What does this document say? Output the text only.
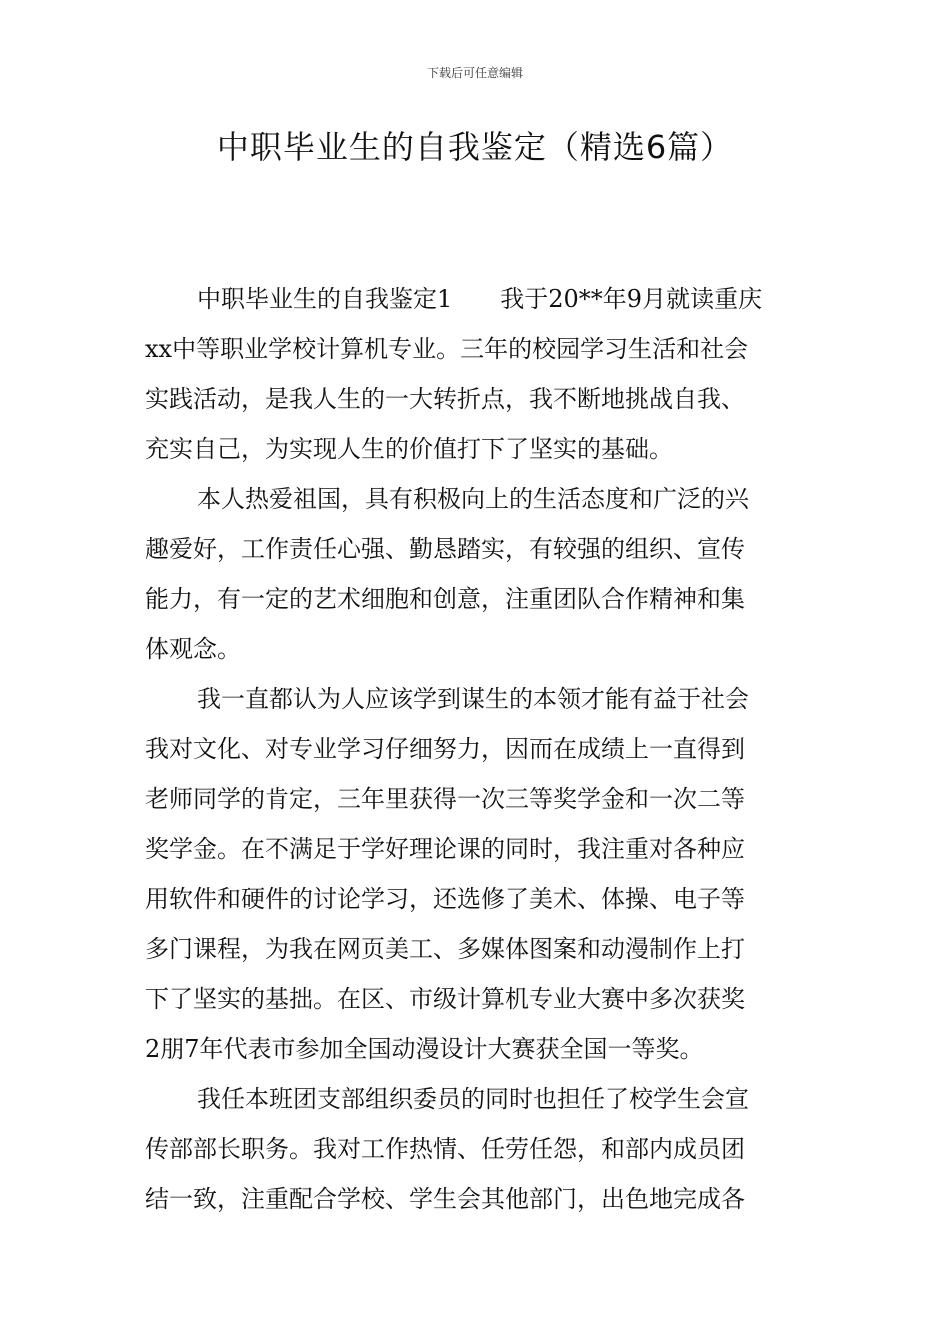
下载后可任意编辑
中职毕业生的自我鉴定（精选6篇）
中职毕业生的自我鉴定1　　我于20**年9月就读重庆
xx中等职业学校计算机专业。三年的校园学习生活和社会
实践活动，是我人生的一大转折点，我不断地挑战自我、
充实自己，为实现人生的价值打下了坚实的基础。
本人热爱祖国，具有积极向上的生活态度和广泛的兴
趣爱好，工作责任心强、勤恳踏实，有较强的组织、宣传
能力，有一定的艺术细胞和创意，注重团队合作精神和集
体观念。
我一直都认为人应该学到谋生的本领才能有益于社会
我对文化、对专业学习仔细努力，因而在成绩上一直得到
老师同学的肯定，三年里获得一次三等奖学金和一次二等
奖学金。在不满足于学好理论课的同时，我注重对各种应
用软件和硬件的讨论学习，还选修了美术、体操、电子等
多门课程，为我在网页美工、多媒体图案和动漫制作上打
下了坚实的基拙。在区、市级计算机专业大赛中多次获奖
2朋7年代表市参加全国动漫设计大赛获全国一等奖。
我任本班团支部组织委员的同时也担任了校学生会宣
传部部长职务。我对工作热情、任劳任怨，和部内成员团
结一致，注重配合学校、学生会其他部门，出色地完成各
